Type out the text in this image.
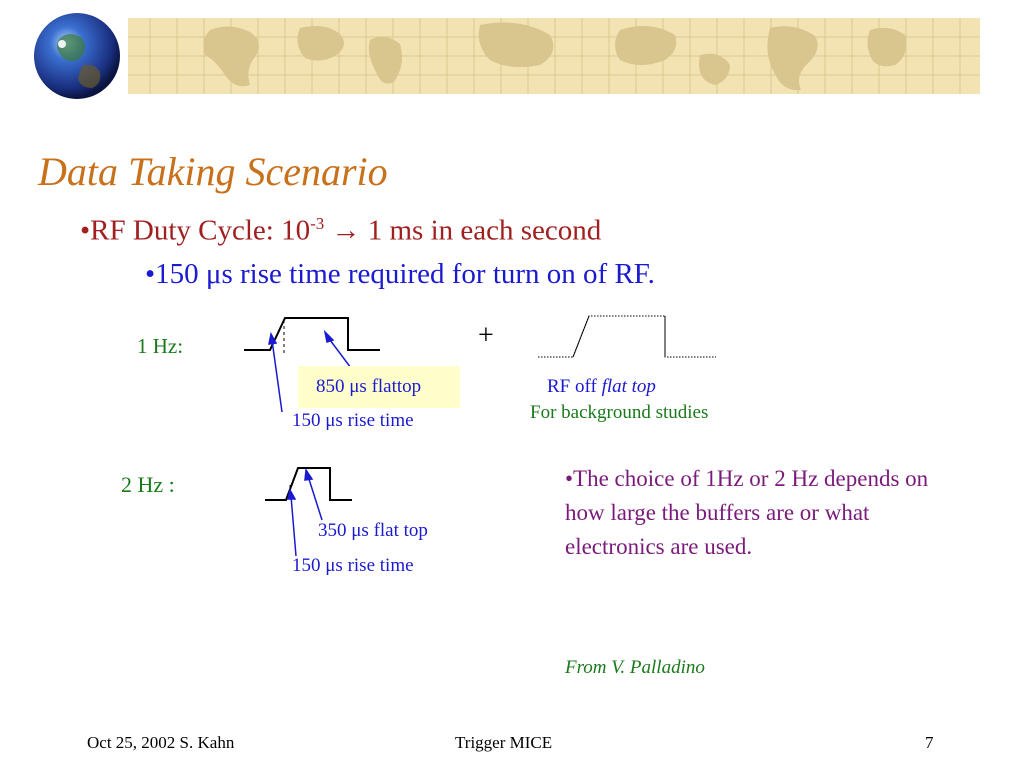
Data Taking Scenario
•RF Duty Cycle: $10^{-3} \to 1$ ms in each second
•150 μs rise time required for turn on of RF.
1 Hz:	+
850 μs flattop
150 μs rise time
RF off flat top
For background studies
2 Hz :
350 μs flat top
150 μs rise time
•The choice of 1Hz or 2 Hz depends on how large the buffers are or what electronics are used.
From V. Palladino
Oct 25, 2002 S. Kahn	Trigger MICE	7
